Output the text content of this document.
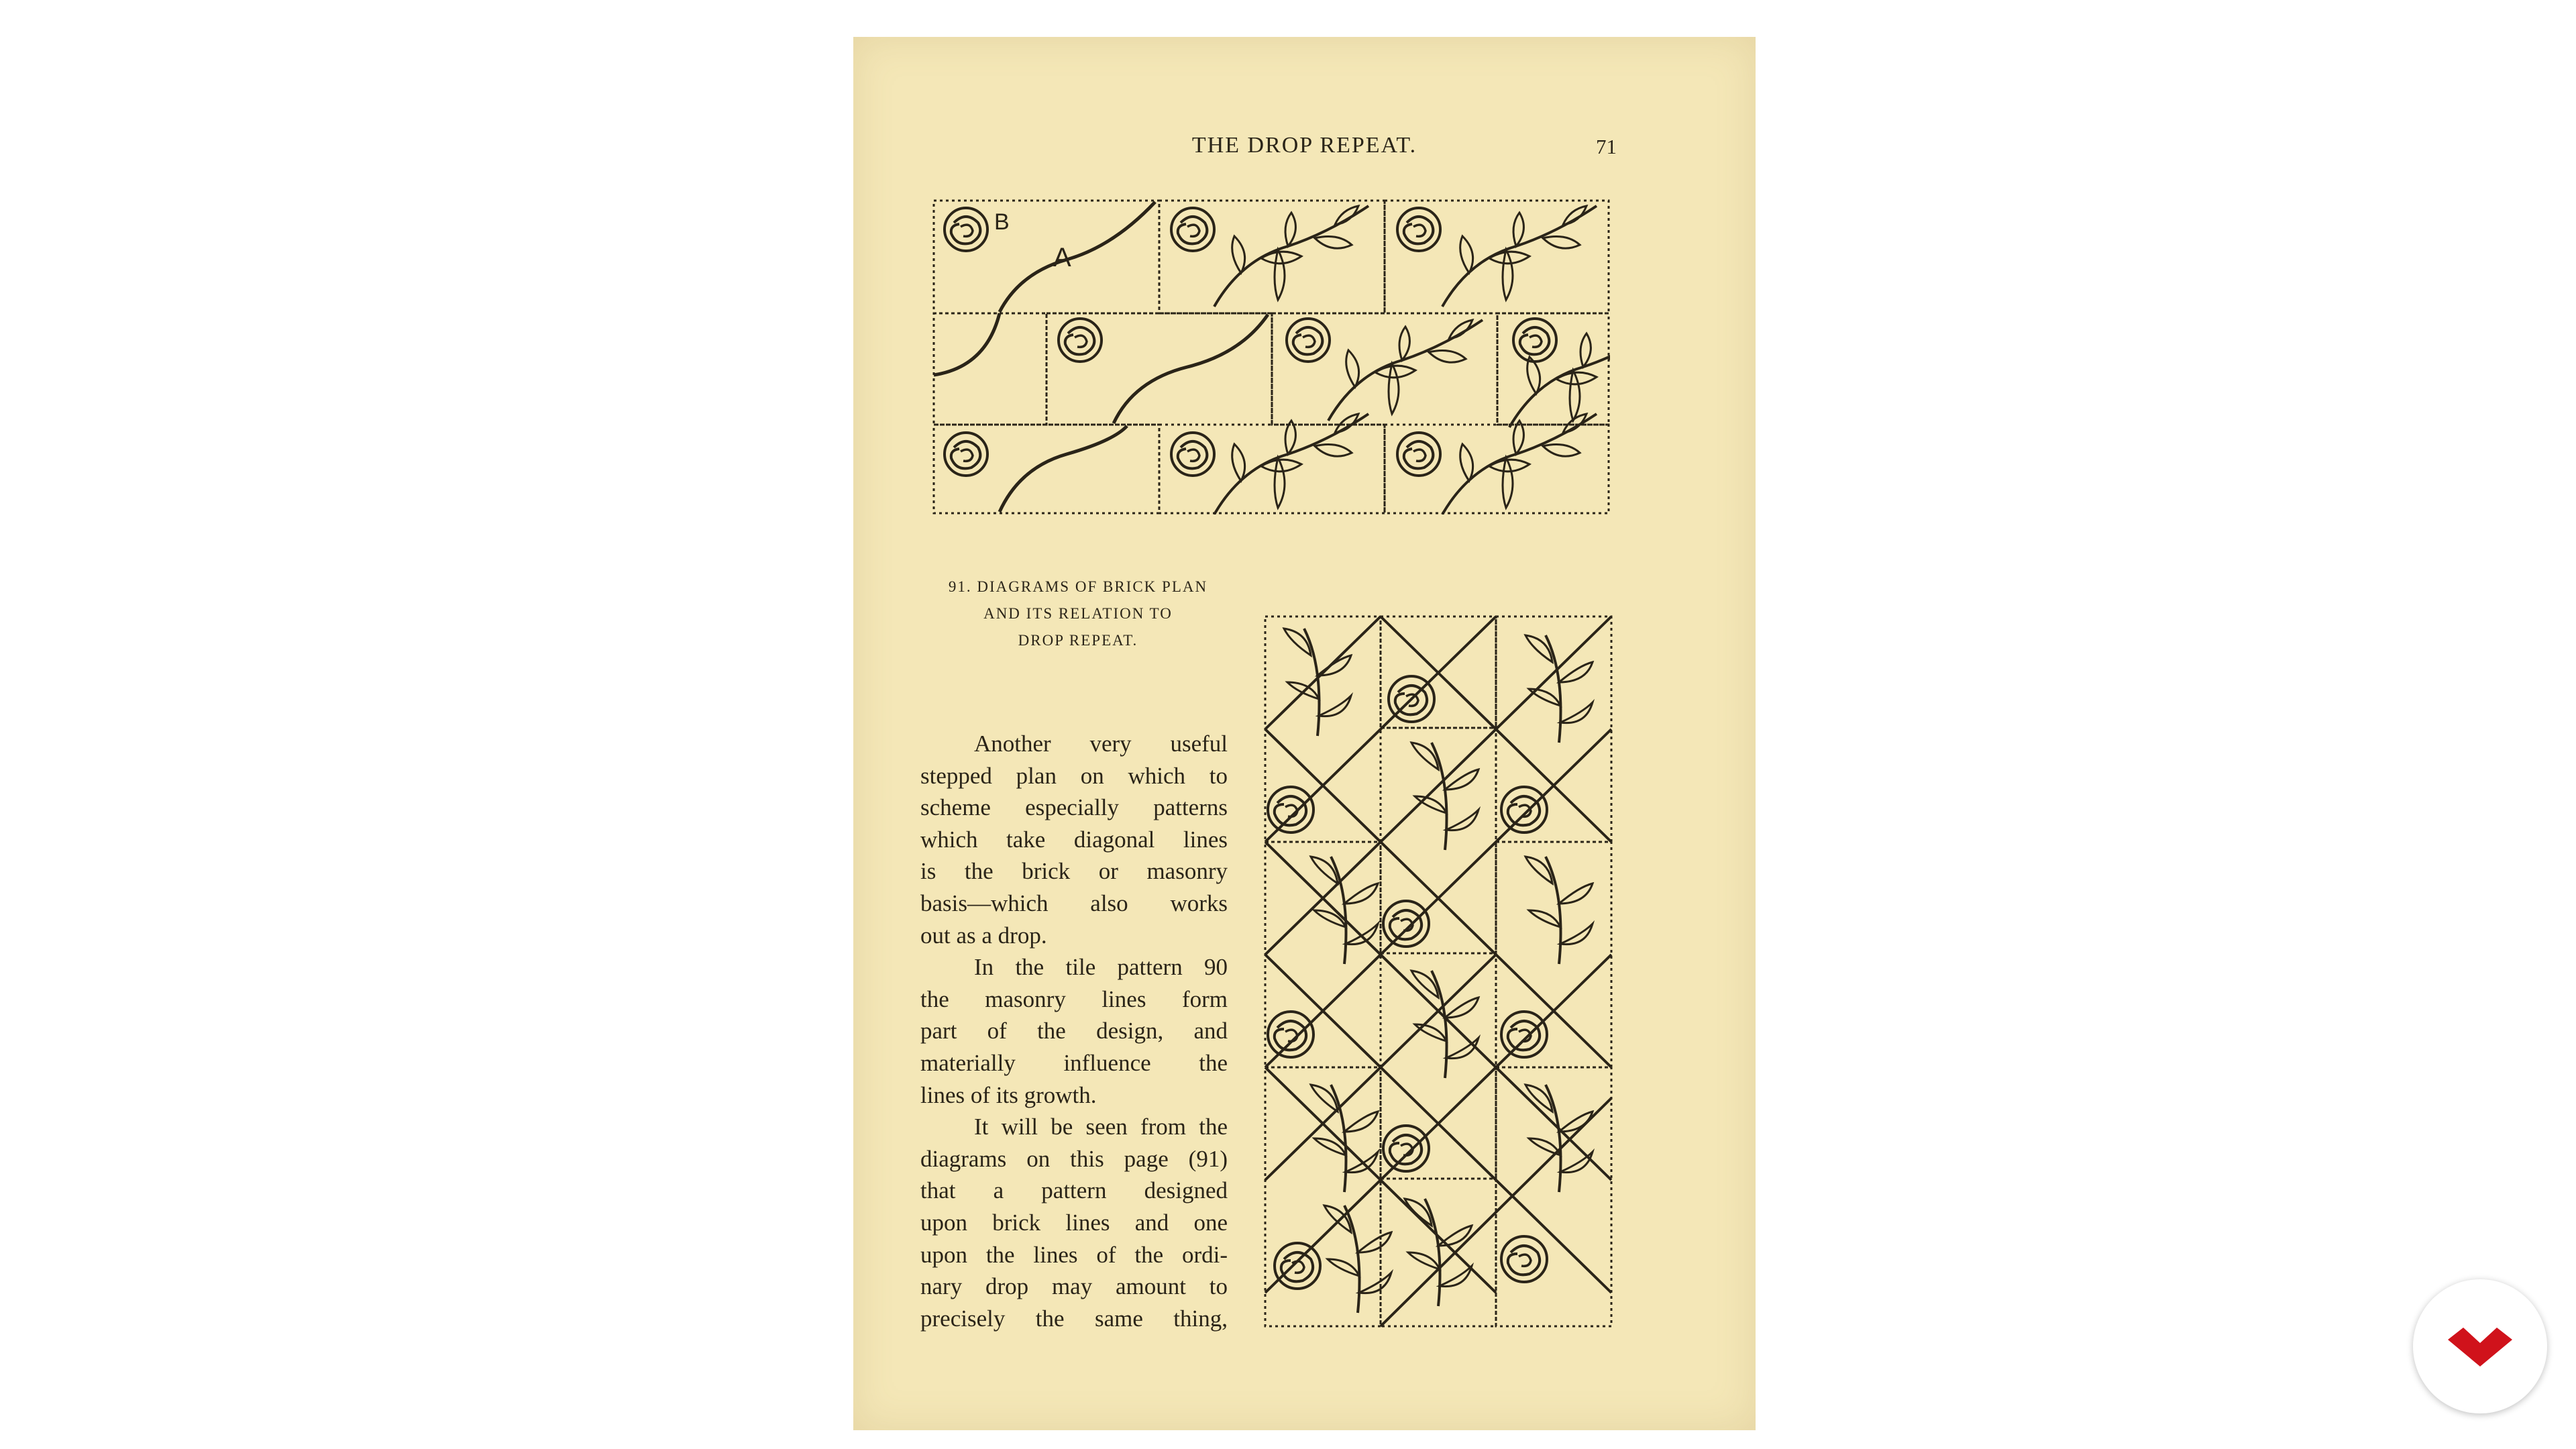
THE DROP REPEAT.	71
B
A
91. DIAGRAMS OF BRICK PLAN
AND ITS RELATION TO
DROP REPEAT.
Another very useful
stepped plan on which to
scheme especially patterns
which take diagonal lines
is the brick or masonry
basis—which also works
out as a drop.
In the tile pattern 90
the masonry lines form
part of the design, and
materially influence the
lines of its growth.
It will be seen from the
diagrams on this page (91)
that a pattern designed
upon brick lines and one
upon the lines of the ordi-
nary drop may amount to
precisely the same thing,
